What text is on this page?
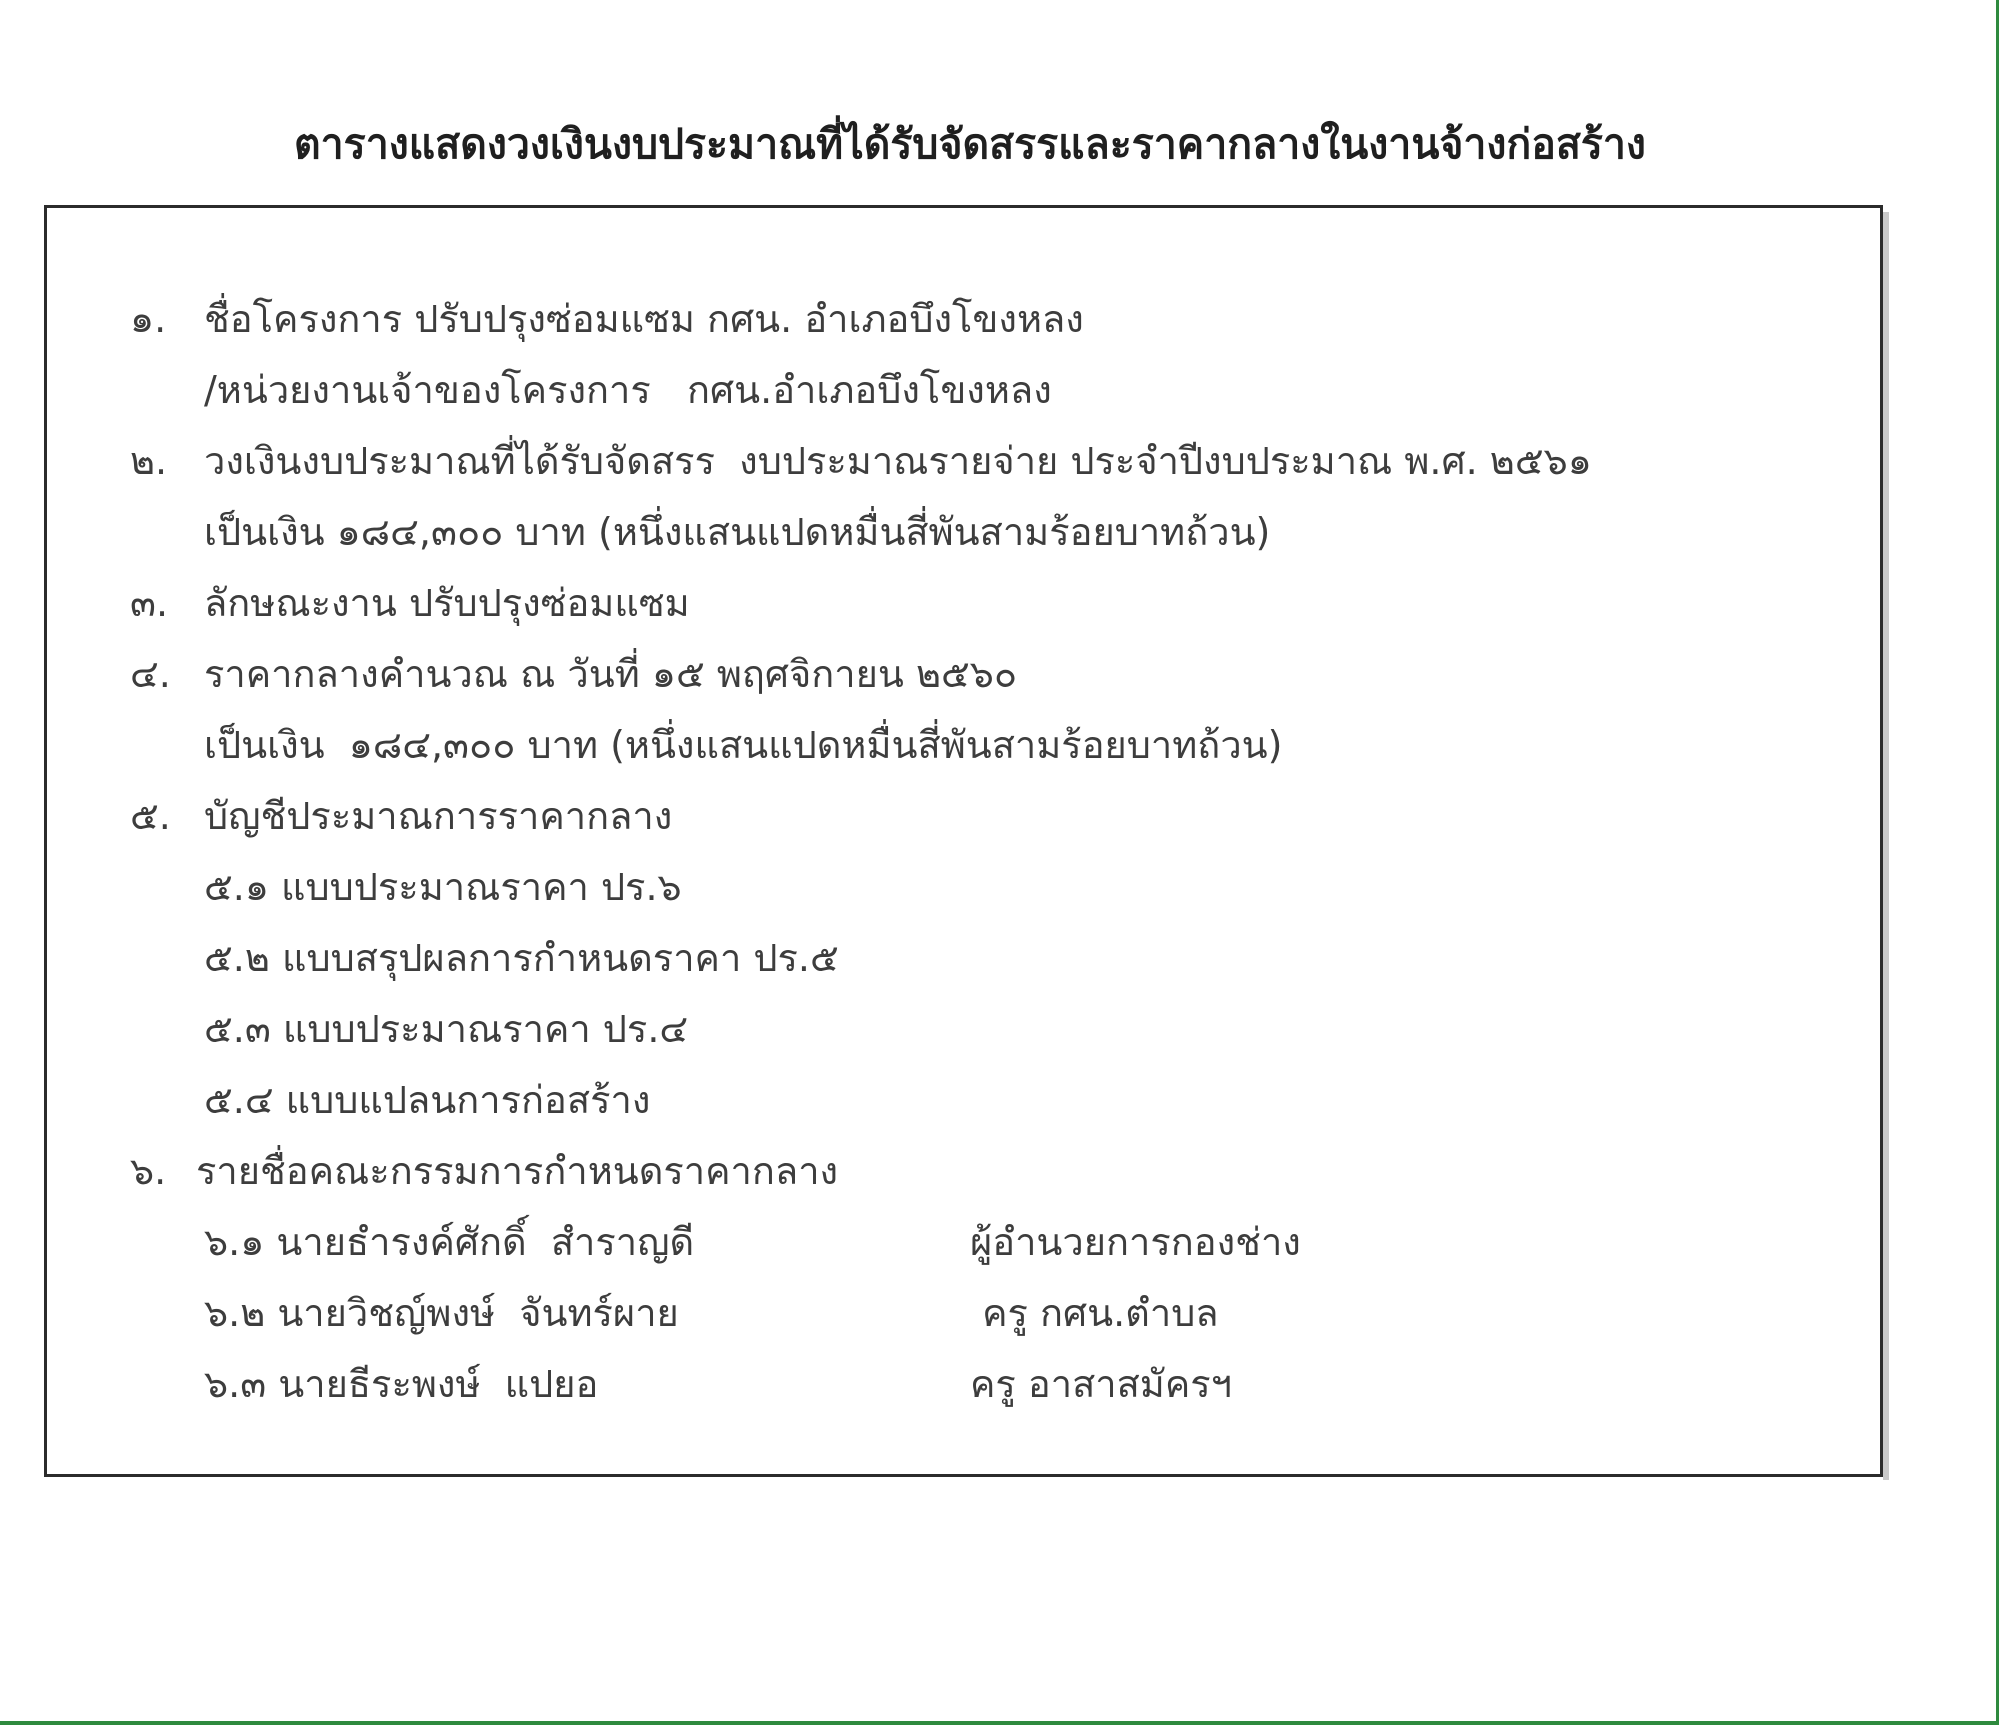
ตารางแสดงวงเงินงบประมาณที่ได้รับจัดสรรและราคากลางในงานจ้างก่อสร้าง
๑. ชื่อโครงการ ปรับปรุงซ่อมแซม กศน. อำเภอบึงโขงหลง
/หน่วยงานเจ้าของโครงการ   กศน.อำเภอบึงโขงหลง
๒. วงเงินงบประมาณที่ได้รับจัดสรร  งบประมาณรายจ่าย ประจำปีงบประมาณ พ.ศ. ๒๕๖๑
เป็นเงิน ๑๘๔,๓๐๐ บาท (หนึ่งแสนแปดหมื่นสี่พันสามร้อยบาทถ้วน)
๓. ลักษณะงาน ปรับปรุงซ่อมแซม
๔. ราคากลางคำนวณ ณ วันที่ ๑๕ พฤศจิกายน ๒๕๖๐
เป็นเงิน  ๑๘๔,๓๐๐ บาท (หนึ่งแสนแปดหมื่นสี่พันสามร้อยบาทถ้วน)
๕. บัญชีประมาณการราคากลาง
๕.๑ แบบประมาณราคา ปร.๖
๕.๒ แบบสรุปผลการกำหนดราคา ปร.๕
๕.๓ แบบประมาณราคา ปร.๔
๕.๔ แบบแปลนการก่อสร้าง
๖. รายชื่อคณะกรรมการกำหนดราคากลาง
๖.๑ นายธำรงค์ศักดิ์  สำราญดี	ผู้อำนวยการกองช่าง
๖.๒ นายวิชญ์พงษ์  จันทร์ผาย	ครู กศน.ตำบล
๖.๓ นายธีระพงษ์  แปยอ	ครู อาสาสมัครฯ
